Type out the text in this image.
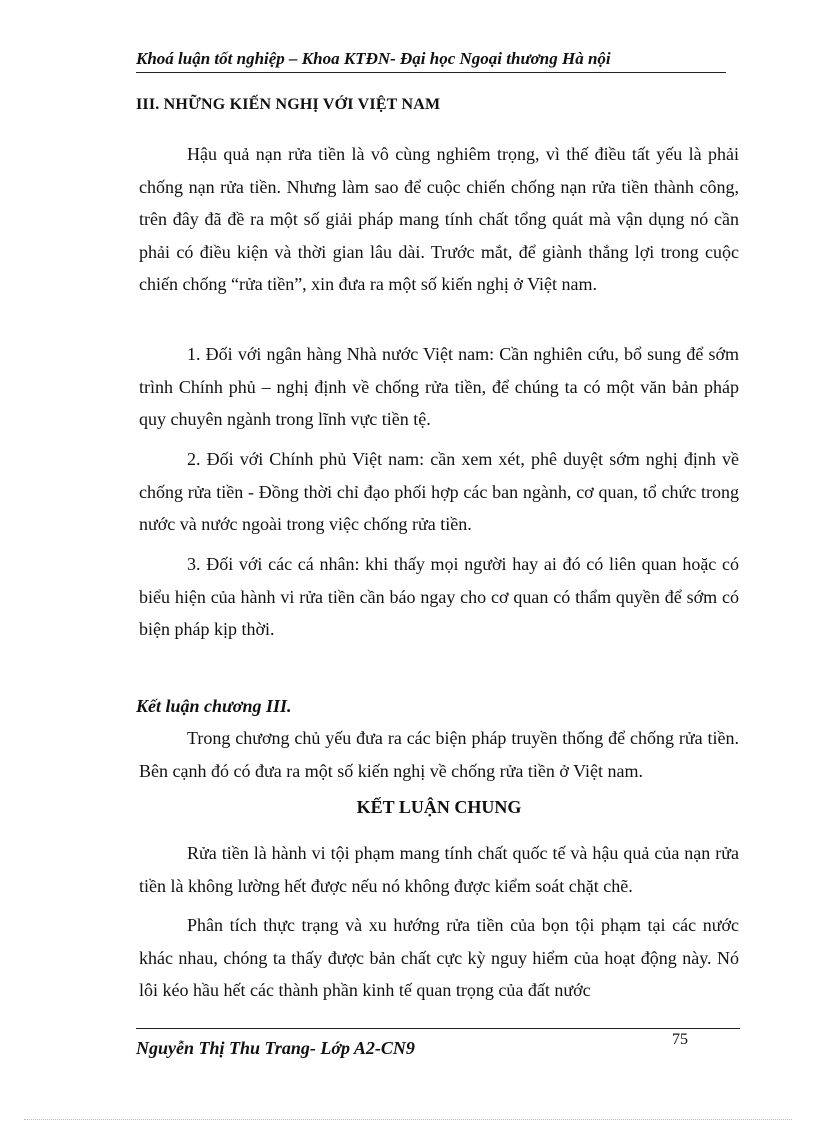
Khoá luận tốt nghiệp – Khoa KTĐN- Đại học Ngoại thương Hà nội
III. NHỮNG KIẾN NGHỊ VỚI VIỆT NAM

Hậu quả nạn rửa tiền là vô cùng nghiêm trọng, vì thế điều tất yếu là phải chống nạn rửa tiền. Nhưng làm sao để cuộc chiến chống nạn rửa tiền thành công, trên đây đã đề ra một số giải pháp mang tính chất tổng quát mà vận dụng nó cần phải có điều kiện và thời gian lâu dài. Trước mắt, để giành thắng lợi trong cuộc chiến chống “rửa tiền”, xin đưa ra một số kiến nghị ở Việt nam.

1. Đối với ngân hàng Nhà nước Việt nam: Cần nghiên cứu, bổ sung để sớm trình Chính phủ – nghị định về chống rửa tiền, để chúng ta có một văn bản pháp quy chuyên ngành trong lĩnh vực tiền tệ.

2. Đối với Chính phủ Việt nam: cần xem xét, phê duyệt sớm nghị định về chống rửa tiền - Đồng thời chỉ đạo phối hợp các ban ngành, cơ quan, tổ chức trong nước và nước ngoài trong việc chống rửa tiền.

3. Đối với các cá nhân: khi thấy mọi người hay ai đó có liên quan hoặc có biểu hiện của hành vi rửa tiền cần báo ngay cho cơ quan có thẩm quyền để sớm có biện pháp kịp thời.

Kết luận chương III.

Trong chương chủ yếu đưa ra các biện pháp truyền thống để chống rửa tiền. Bên cạnh đó có đưa ra một số kiến nghị về chống rửa tiền ở Việt nam.

KẾT LUẬN CHUNG

Rửa tiền là hành vi tội phạm mang tính chất quốc tế và hậu quả của nạn rửa tiền là không lường hết được nếu nó không được kiểm soát chặt chẽ.

Phân tích thực trạng và xu hướng rửa tiền của bọn tội phạm tại các nước khác nhau, chóng ta thấy được bản chất cực kỳ nguy hiểm của hoạt động này. Nó lôi kéo hầu hết các thành phần kinh tế quan trọng của đất nước

Nguyễn Thị Thu Trang- Lớp A2-CN9	75
